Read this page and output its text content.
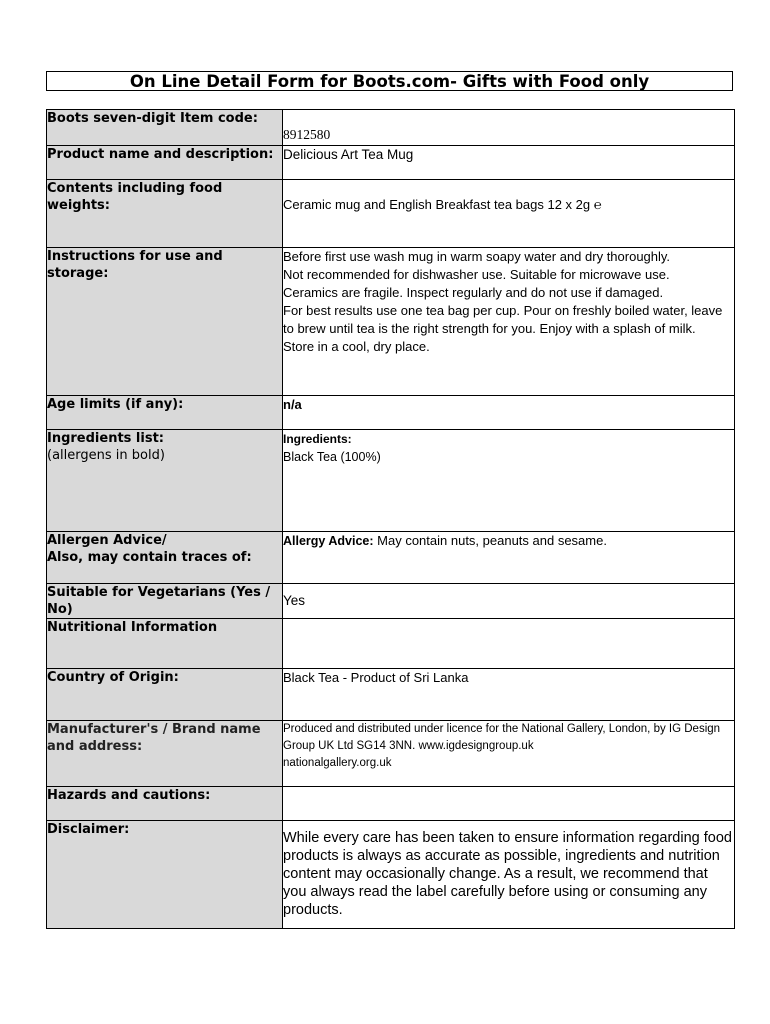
On Line Detail Form for Boots.com- Gifts with Food only
Boots seven-digit Item code:	8912580

Product name and description:	Delicious Art Tea Mug

Contents including food weights:	Ceramic mug and English Breakfast tea bags 12 x 2g ℮

Instructions for use and storage:	Before first use wash mug in warm soapy water and dry thoroughly.
Not recommended for dishwasher use. Suitable for microwave use.
Ceramics are fragile. Inspect regularly and do not use if damaged.
For best results use one tea bag per cup. Pour on freshly boiled water, leave to brew until tea is the right strength for you. Enjoy with a splash of milk.
Store in a cool, dry place.

Age limits (if any):	n/a

Ingredients list:
(allergens in bold)	Ingredients:
Black Tea (100%)

Allergen Advice/
Also, may contain traces of:	Allergy Advice: May contain nuts, peanuts and sesame.

Suitable for Vegetarians (Yes / No)	Yes

Nutritional Information	

Country of Origin:	Black Tea - Product of Sri Lanka

Manufacturer's / Brand name and address:	Produced and distributed under licence for the National Gallery, London, by IG Design Group UK Ltd SG14 3NN. www.igdesigngroup.uk
nationalgallery.org.uk

Hazards and cautions:	

Disclaimer:	While every care has been taken to ensure information regarding food products is always as accurate as possible, ingredients and nutrition content may occasionally change. As a result, we recommend that you always read the label carefully before using or consuming any products.
